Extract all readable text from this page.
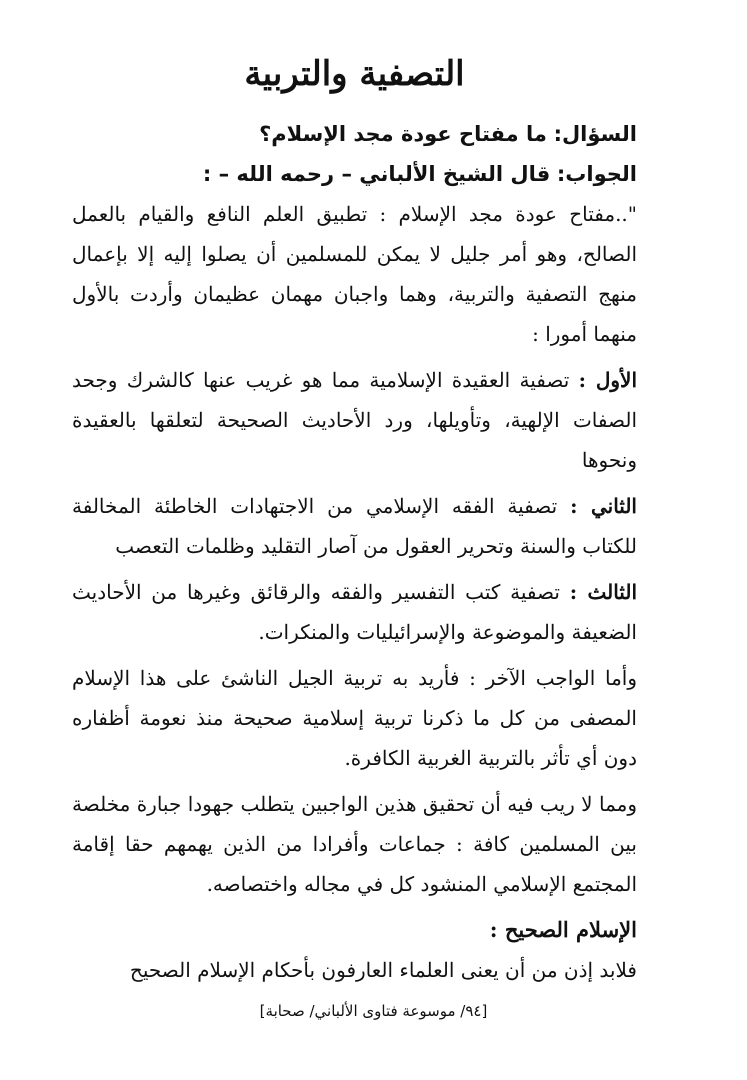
التصفية والتربية

السؤال: ما مفتاح عودة مجد الإسلام؟

الجواب: قال الشيخ الألباني – رحمه الله – :

"..مفتاح عودة مجد الإسلام : تطبيق العلم النافع والقيام بالعمل الصالح، وهو أمر جليل لا يمكن للمسلمين أن يصلوا إليه إلا بإعمال منهج التصفية والتربية، وهما واجبان مهمان عظيمان وأردت بالأول منهما أمورا :

الأول : تصفية العقيدة الإسلامية مما هو غريب عنها كالشرك وجحد الصفات الإلهية، وتأويلها، ورد الأحاديث الصحيحة لتعلقها بالعقيدة ونحوها

الثاني : تصفية الفقه الإسلامي من الاجتهادات الخاطئة المخالفة للكتاب والسنة وتحرير العقول من آصار التقليد وظلمات التعصب

الثالث : تصفية كتب التفسير والفقه والرقائق وغيرها من الأحاديث الضعيفة والموضوعة والإسرائيليات والمنكرات.

وأما الواجب الآخر : فأريد به تربية الجيل الناشئ على هذا الإسلام المصفى من كل ما ذكرنا تربية إسلامية صحيحة منذ نعومة أظفاره دون أي تأثر بالتربية الغربية الكافرة.

ومما لا ريب فيه أن تحقيق هذين الواجبين يتطلب جهودا جبارة مخلصة بين المسلمين كافة : جماعات وأفرادا من الذين يهمهم حقا إقامة المجتمع الإسلامي المنشود كل في مجاله واختصاصه.

الإسلام الصحيح :

فلابد إذن من أن يعنى العلماء العارفون بأحكام الإسلام الصحيح

[٩٤/ موسوعة فتاوى الألباني/ صحابة]
